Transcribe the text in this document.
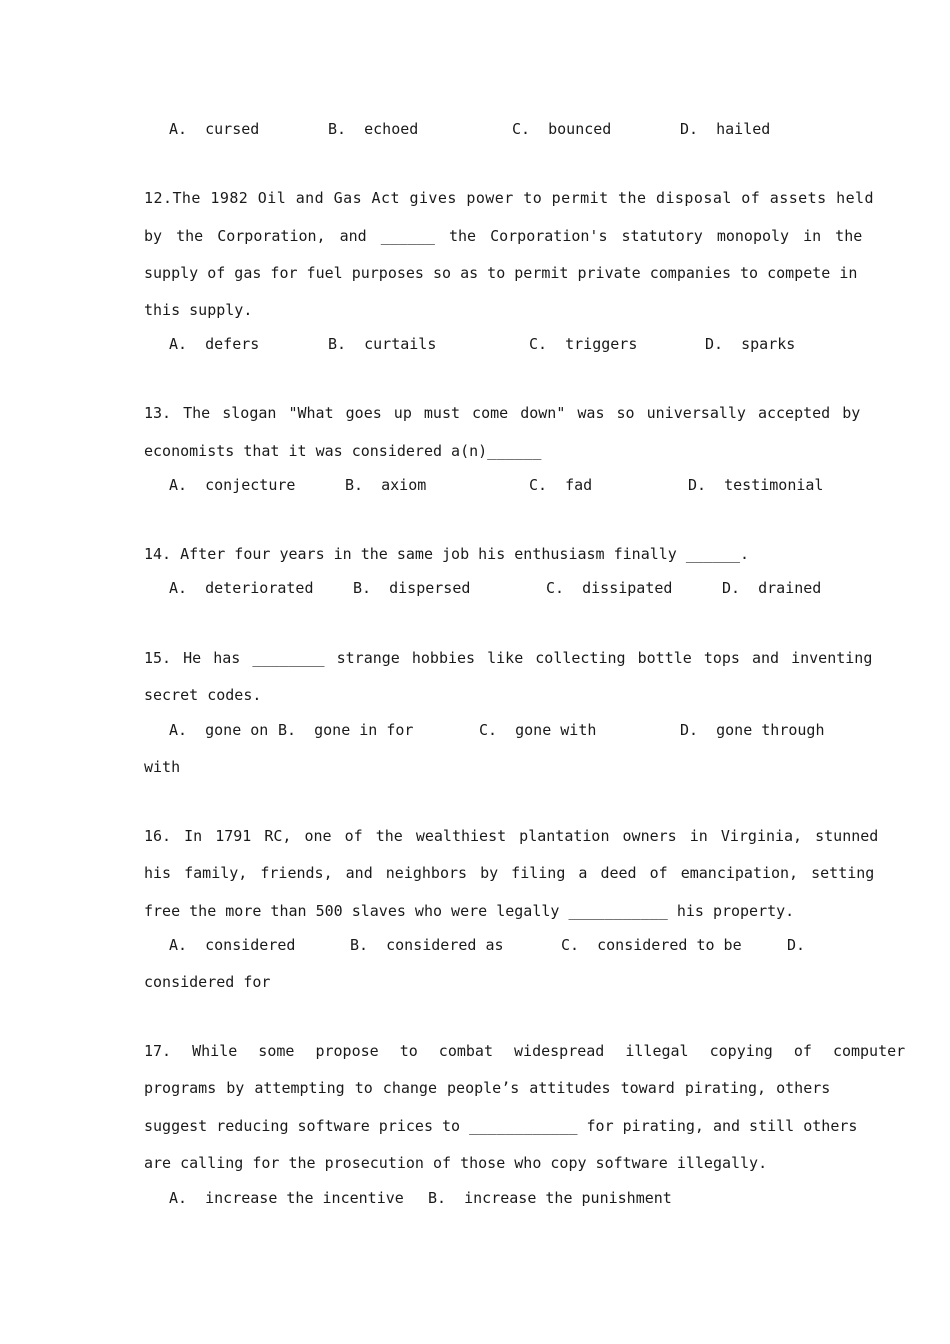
A.  cursed	B.  echoed	C.  bounced	D.  hailed
12.The 1982 Oil and Gas Act gives power to permit the disposal of assets held
by the Corporation, and ______ the Corporation's statutory monopoly in the
supply of gas for fuel purposes so as to permit private companies to compete in
this supply.
A.  defers	B.  curtails	C.  triggers	D.  sparks
13. The slogan "What goes up must come down" was so universally accepted by
economists that it was considered a(n)______
A.  conjecture	B.  axiom	C.  fad	D.  testimonial
14. After four years in the same job his enthusiasm finally ______.
A.  deteriorated	B.  dispersed	C.  dissipated	D.  drained
15. He has ________ strange hobbies like collecting bottle tops and inventing
secret codes.
A.  gone on B.  gone in for	C.  gone with	D.  gone through
with
16. In 1791 RC, one of the wealthiest plantation owners in Virginia, stunned
his family, friends, and neighbors by filing a deed of emancipation, setting
free the more than 500 slaves who were legally ___________ his property.
A.  considered	B.  considered as	C.  considered to be	D.
considered for
17. While some propose to combat widespread illegal copying of computer
programs by attempting to change people’s attitudes toward pirating, others
suggest reducing software prices to ____________ for pirating, and still others
are calling for the prosecution of those who copy software illegally.
A.  increase the incentive B.  increase the punishment
